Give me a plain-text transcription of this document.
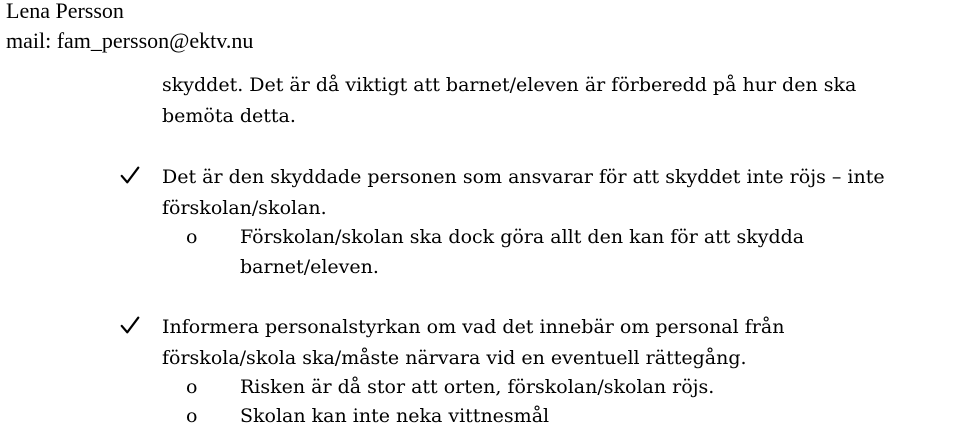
Lena Persson
mail: fam_persson@ektv.nu
skyddet. Det är då viktigt att barnet/eleven är förberedd på hur den ska
bemöta detta.
Det är den skyddade personen som ansvarar för att skyddet inte röjs – inte
förskolan/skolan.
o Förskolan/skolan ska dock göra allt den kan för att skydda
barnet/eleven.
Informera personalstyrkan om vad det innebär om personal från
förskola/skola ska/måste närvara vid en eventuell rättegång.
o Risken är då stor att orten, förskolan/skolan röjs.
o Skolan kan inte neka vittnesmål
